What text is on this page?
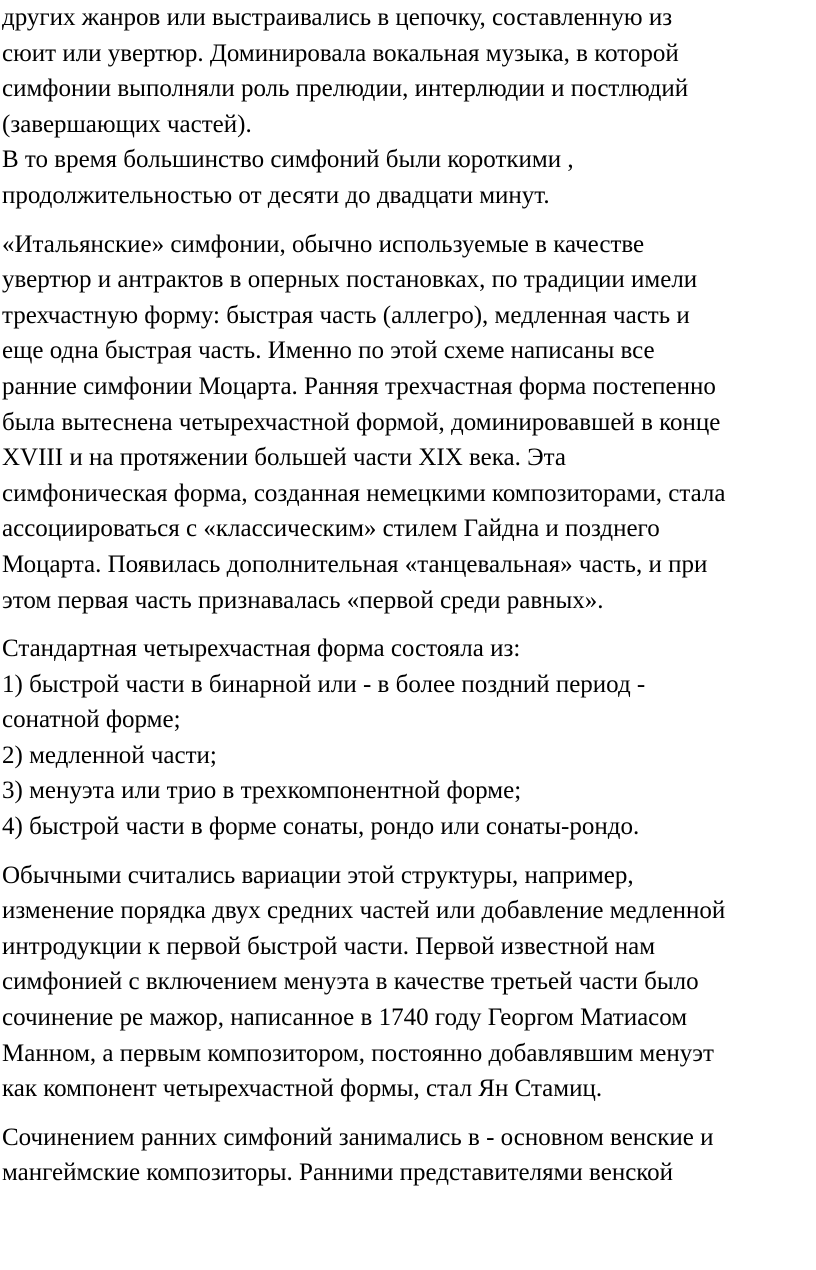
других жанров или выстраивались в цепочку, составленную из
сюит или увертюр. Доминировала вокальная музыка, в которой
симфонии выполняли роль прелюдии, интерлюдии и постлюдий
(завершающих частей).
В то время большинство симфоний были короткими ,
продолжительностью от десяти до двадцати минут.

«Итальянские» симфонии, обычно используемые в качестве
увертюр и антрактов в оперных постановках, по традиции имели
трехчастную форму: быстрая часть (аллегро), медленная часть и
еще одна быстрая часть. Именно по этой схеме написаны все
ранние симфонии Моцарта. Ранняя трехчастная форма постепенно
была вытеснена четырехчастной формой, доминировавшей в конце
XVIII и на протяжении большей части XIX века. Эта
симфоническая форма, созданная немецкими композиторами, стала
ассоциироваться с «классическим» стилем Гайдна и позднего
Моцарта. Появилась дополнительная «танцевальная» часть, и при
этом первая часть признавалась «первой среди равных».

Стандартная четырехчастная форма состояла из:
1) быстрой части в бинарной или - в более поздний период -
сонатной форме;
2) медленной части;
3) менуэта или трио в трехкомпонентной форме;
4) быстрой части в форме сонаты, рондо или сонаты-рондо.

Обычными считались вариации этой структуры, например,
изменение порядка двух средних частей или добавление медленной
интродукции к первой быстрой части. Первой известной нам
симфонией с включением менуэта в качестве третьей части было
сочинение ре мажор, написанное в 1740 году Георгом Матиасом
Манном, а первым композитором, постоянно добавлявшим менуэт
как компонент четырехчастной формы, стал Ян Стамиц.

Сочинением ранних симфоний занимались в - основном венские и
мангеймские композиторы. Ранними представителями венской
